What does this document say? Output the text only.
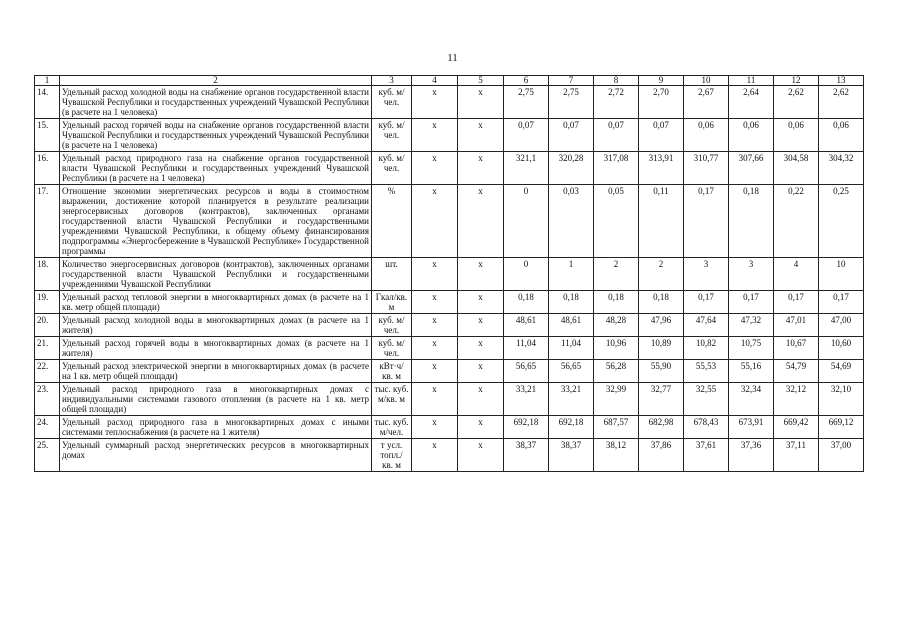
11
1	2	3	4	5	6	7	8	9	10	11	12	13
14.	Удельный расход холодной воды на снабжение органов государственной власти Чувашской Республики и государственных учреждений Чувашской Республики (в расчете на 1 человека)	куб. м/чел.	х	х	2,75	2,75	2,72	2,70	2,67	2,64	2,62	2,62
15.	Удельный расход горячей воды на снабжение органов государственной власти Чувашской Республики и государственных учреждений Чувашской Республики (в расчете на 1 человека)	куб. м/чел.	х	х	0,07	0,07	0,07	0,07	0,06	0,06	0,06	0,06
16.	Удельный расход природного газа на снабжение органов государственной власти Чувашской Республики и государственных учреждений Чувашской Республики (в расчете на 1 человека)	куб. м/чел.	х	х	321,1	320,28	317,08	313,91	310,77	307,66	304,58	304,32
17.	Отношение экономии энергетических ресурсов и воды в стоимостном выражении, достижение которой планируется в результате реализации энергосервисных договоров (контрактов), заключенных органами государственной власти Чувашской Республики и государственными учреждениями Чувашской Республики, к общему объему финансирования подпрограммы «Энергосбережение в Чувашской Республике» Государственной программы	%	х	х	0	0,03	0,05	0,11	0,17	0,18	0,22	0,25
18.	Количество энергосервисных договоров (контрактов), заключенных органами государственной власти Чувашской Республики и государственными учреждениями Чувашской Республики	шт.	х	х	0	1	2	2	3	3	4	10
19.	Удельный расход тепловой энергии в многоквартирных домах (в расчете на 1 кв. метр общей площади)	Гкал/кв. м	х	х	0,18	0,18	0,18	0,18	0,17	0,17	0,17	0,17
20.	Удельный расход холодной воды в многоквартирных домах (в расчете на 1 жителя)	куб. м/чел.	х	х	48,61	48,61	48,28	47,96	47,64	47,32	47,01	47,00
21.	Удельный расход горячей воды в многоквартирных домах (в расчете на 1 жителя)	куб. м/чел.	х	х	11,04	11,04	10,96	10,89	10,82	10,75	10,67	10,60
22.	Удельный расход электрической энергии в многоквартирных домах (в расчете на 1 кв. метр общей площади)	кВт·ч/ кв. м	х	х	56,65	56,65	56,28	55,90	55,53	55,16	54,79	54,69
23.	Удельный расход природного газа в многоквартирных домах с индивидуальными системами газового отопления (в расчете на 1 кв. метр общей площади)	тыс. куб. м/кв. м	х	х	33,21	33,21	32,99	32,77	32,55	32,34	32,12	32,10
24.	Удельный расход природного газа в многоквартирных домах с иными системами теплоснабжения (в расчете на 1 жителя)	тыс. куб. м/чел.	х	х	692,18	692,18	687,57	682,98	678,43	673,91	669,42	669,12
25.	Удельный суммарный расход энергетических ресурсов в многоквартирных домах	т усл. топл./ кв. м	х	х	38,37	38,37	38,12	37,86	37,61	37,36	37,11	37,00
